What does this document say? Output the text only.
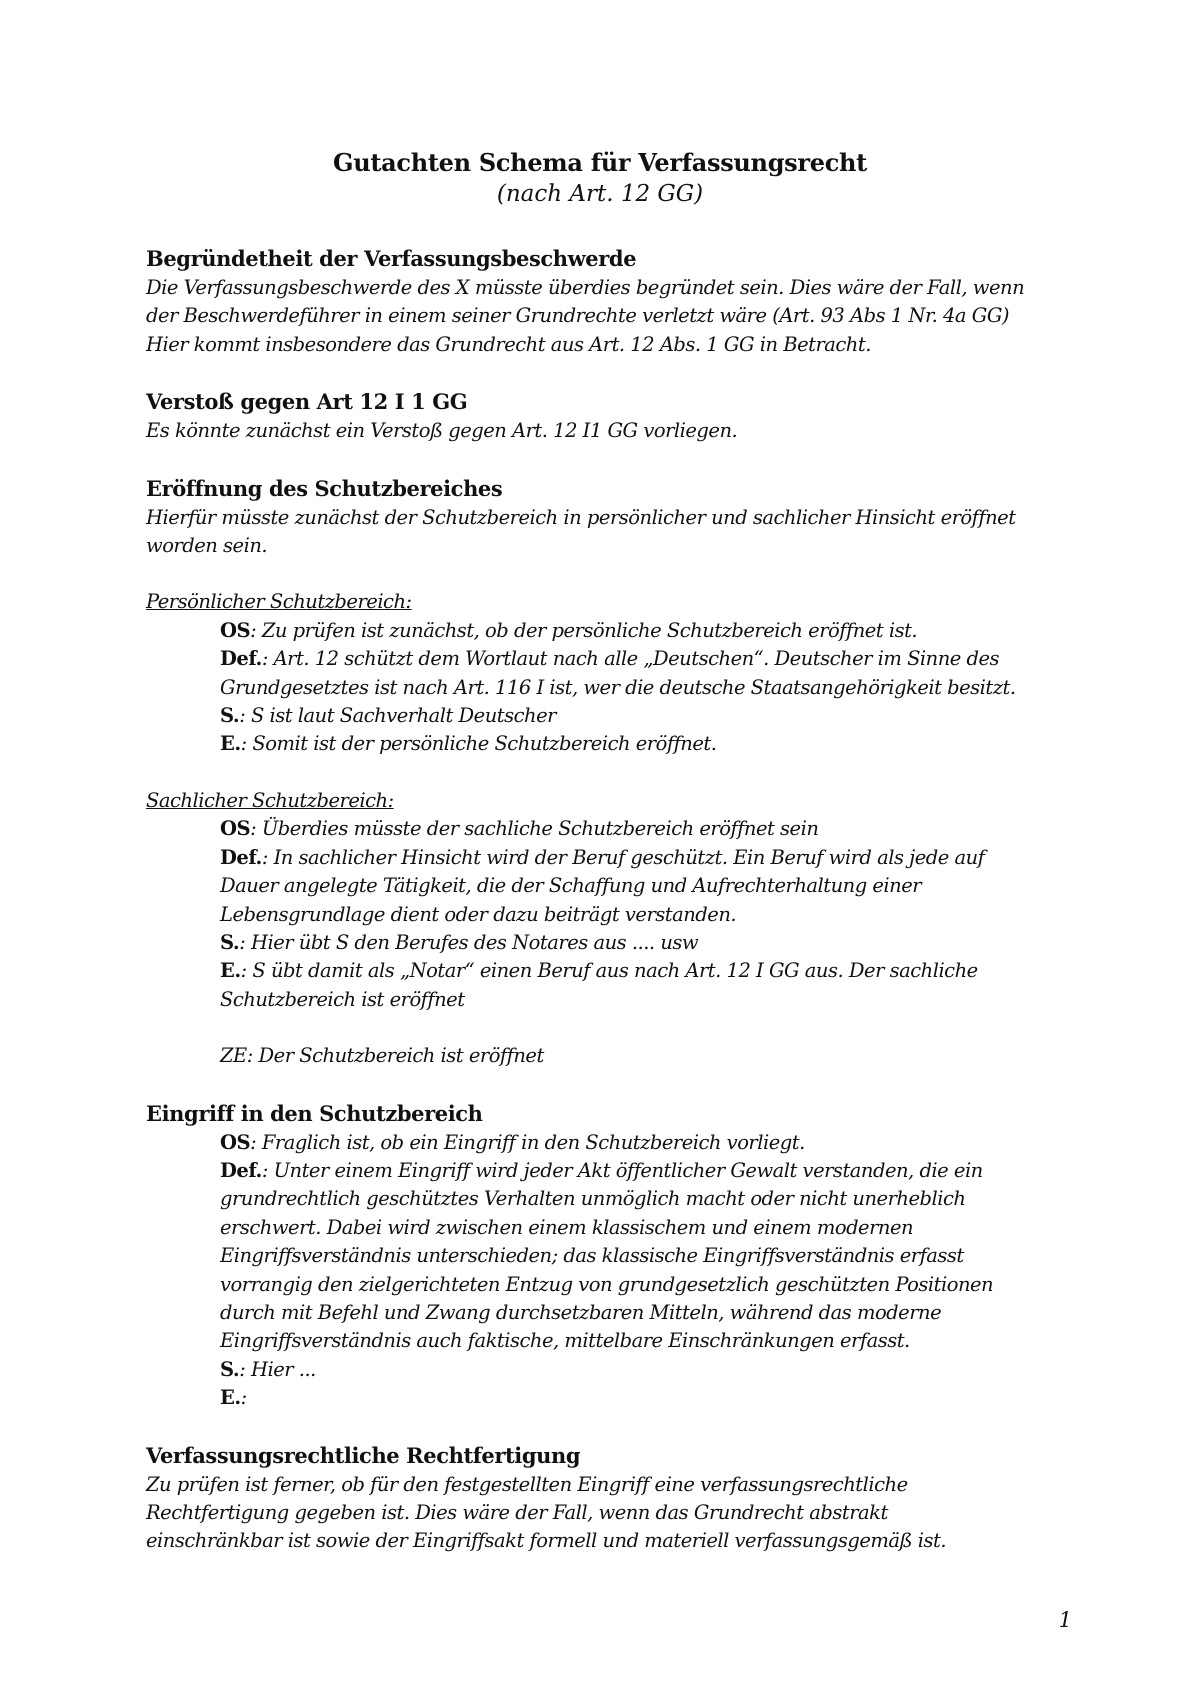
Gutachten Schema für Verfassungsrecht
(nach Art. 12 GG)
Begründetheit der Verfassungsbeschwerde
Die Verfassungsbeschwerde des X müsste überdies begründet sein. Dies wäre der Fall, wenn
der Beschwerdeführer in einem seiner Grundrechte verletzt wäre (Art. 93 Abs 1 Nr. 4a GG)
Hier kommt insbesondere das Grundrecht aus Art. 12 Abs. 1 GG in Betracht.
Verstoß gegen Art 12 I 1 GG
Es könnte zunächst ein Verstoß gegen Art. 12 I1 GG vorliegen.
Eröffnung des Schutzbereiches
Hierfür müsste zunächst der Schutzbereich in persönlicher und sachlicher Hinsicht eröffnet
worden sein.
Persönlicher Schutzbereich:
OS: Zu prüfen ist zunächst, ob der persönliche Schutzbereich eröffnet ist.
Def.: Art. 12 schützt dem Wortlaut nach alle „Deutschen“. Deutscher im Sinne des
Grundgesetztes ist nach Art. 116 I ist, wer die deutsche Staatsangehörigkeit besitzt.
S.: S ist laut Sachverhalt Deutscher
E.: Somit ist der persönliche Schutzbereich eröffnet.
Sachlicher Schutzbereich:
OS: Überdies müsste der sachliche Schutzbereich eröffnet sein
Def.: In sachlicher Hinsicht wird der Beruf geschützt. Ein Beruf wird als jede auf
Dauer angelegte Tätigkeit, die der Schaffung und Aufrechterhaltung einer
Lebensgrundlage dient oder dazu beiträgt verstanden.
S.: Hier übt S den Berufes des Notares aus .... usw
E.: S übt damit als „Notar“ einen Beruf aus nach Art. 12 I GG aus. Der sachliche
Schutzbereich ist eröffnet
ZE: Der Schutzbereich ist eröffnet
Eingriff in den Schutzbereich
OS: Fraglich ist, ob ein Eingriff in den Schutzbereich vorliegt.
Def.: Unter einem Eingriff wird jeder Akt öffentlicher Gewalt verstanden, die ein
grundrechtlich geschütztes Verhalten unmöglich macht oder nicht unerheblich
erschwert. Dabei wird zwischen einem klassischem und einem modernen
Eingriffsverständnis unterschieden; das klassische Eingriffsverständnis erfasst
vorrangig den zielgerichteten Entzug von grundgesetzlich geschützten Positionen
durch mit Befehl und Zwang durchsetzbaren Mitteln, während das moderne
Eingriffsverständnis auch faktische, mittelbare Einschränkungen erfasst.
S.: Hier ...
E.:
Verfassungsrechtliche Rechtfertigung
Zu prüfen ist ferner, ob für den festgestellten Eingriff eine verfassungsrechtliche
Rechtfertigung gegeben ist. Dies wäre der Fall, wenn das Grundrecht abstrakt
einschränkbar ist sowie der Eingriffsakt formell und materiell verfassungsgemäß ist.
1
